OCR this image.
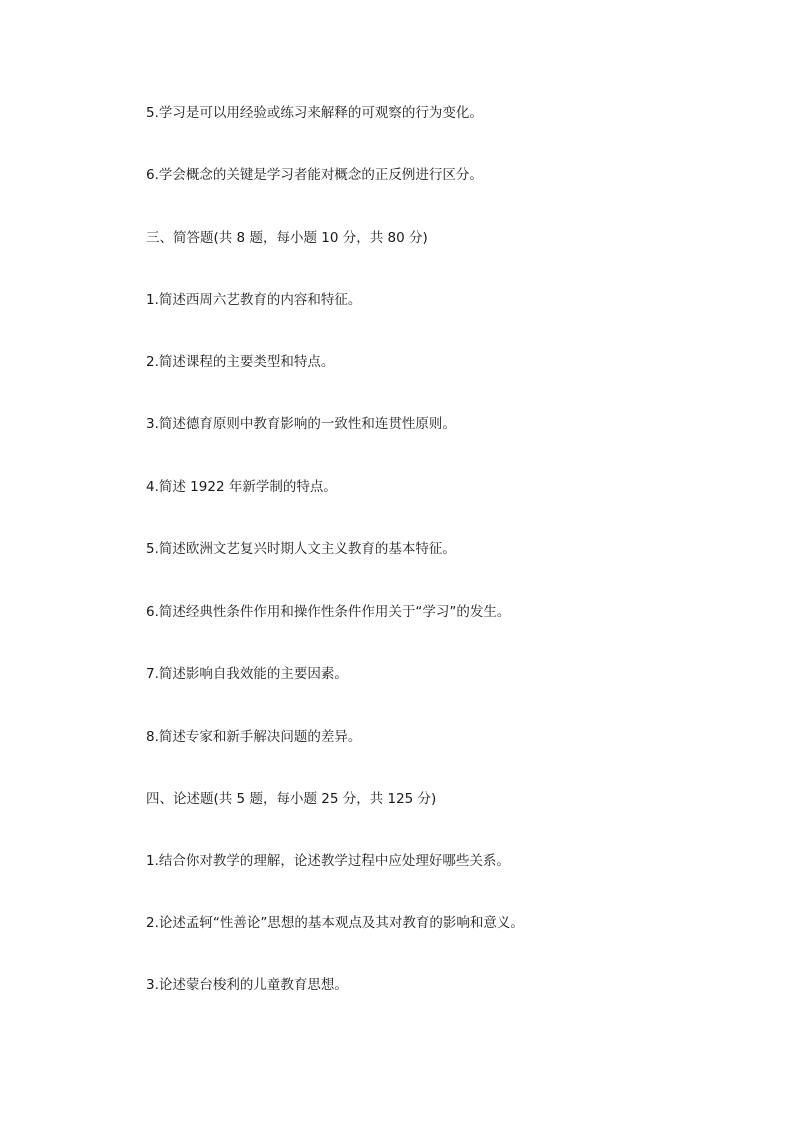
5.学习是可以用经验或练习来解释的可观察的行为变化。

6.学会概念的关键是学习者能对概念的正反例进行区分。

三、简答题(共 8 题，每小题 10 分，共 80 分)

1.简述西周六艺教育的内容和特征。

2.简述课程的主要类型和特点。

3.简述德育原则中教育影响的一致性和连贯性原则。

4.简述 1922 年新学制的特点。

5.简述欧洲文艺复兴时期人文主义教育的基本特征。

6.简述经典性条件作用和操作性条件作用关于“学习”的发生。

7.简述影响自我效能的主要因素。

8.简述专家和新手解决问题的差异。

四、论述题(共 5 题，每小题 25 分，共 125 分)

1.结合你对教学的理解，论述教学过程中应处理好哪些关系。

2.论述孟轲“性善论”思想的基本观点及其对教育的影响和意义。

3.论述蒙台梭利的儿童教育思想。
